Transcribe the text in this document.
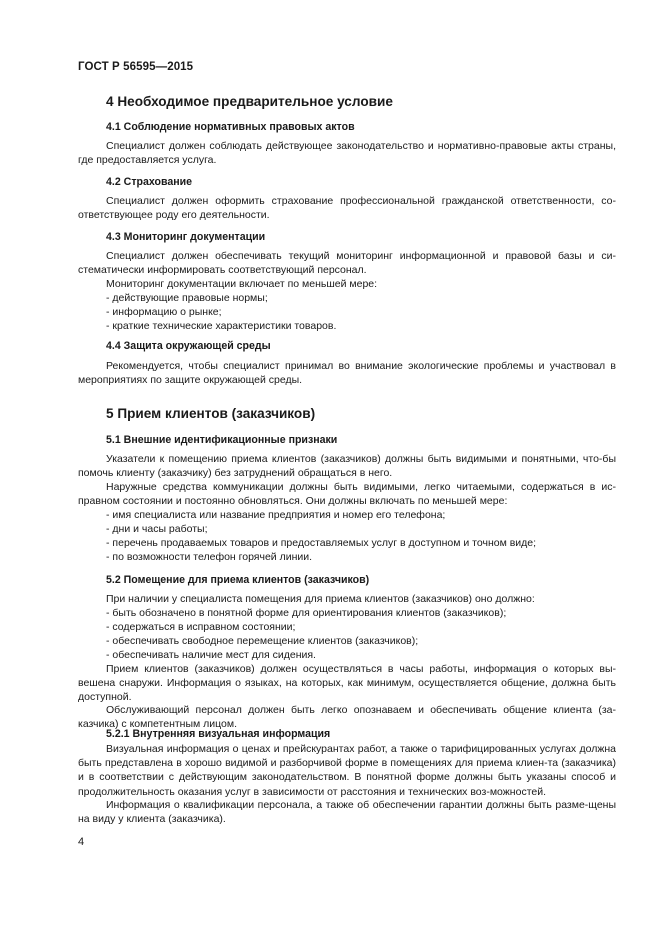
ГОСТ Р 56595—2015
4 Необходимое предварительное условие
4.1 Соблюдение нормативных правовых актов

Специалист должен соблюдать действующее законодательство и нормативно-правовые акты страны, где предоставляется услуга.

4.2 Страхование

Специалист должен оформить страхование профессиональной гражданской ответственности, со-ответствующее роду его деятельности.

4.3 Мониторинг документации

Специалист должен обеспечивать текущий мониторинг информационной и правовой базы и си-стематически информировать соответствующий персонал.

Мониторинг документации включает по меньшей мере:

- действующие правовые нормы;
- информацию о рынке;
- краткие технические характеристики товаров.
4.4 Защита окружающей среды

Рекомендуется, чтобы специалист принимал во внимание экологические проблемы и участвовал в мероприятиях по защите окружающей среды.

5 Прием клиентов (заказчиков)
5.1 Внешние идентификационные признаки

Указатели к помещению приема клиентов (заказчиков) должны быть видимыми и понятными, что-бы помочь клиенту (заказчику) без затруднений обращаться в него.

Наружные средства коммуникации должны быть видимыми, легко читаемыми, содержаться в ис-правном состоянии и постоянно обновляться. Они должны включать по меньшей мере:

- имя специалиста или название предприятия и номер его телефона;
- дни и часы работы;
- перечень продаваемых товаров и предоставляемых услуг в доступном и точном виде;
- по возможности телефон горячей линии.
5.2 Помещение для приема клиентов (заказчиков)

При наличии у специалиста помещения для приема клиентов (заказчиков) оно должно:

- быть обозначено в понятной форме для ориентирования клиентов (заказчиков);
- содержаться в исправном состоянии;
- обеспечивать свободное перемещение клиентов (заказчиков);
- обеспечивать наличие мест для сидения.

Прием клиентов (заказчиков) должен осуществляться в часы работы, информация о которых вы-вешена снаружи. Информация о языках, на которых, как минимум, осуществляется общение, должна быть доступной.

Обслуживающий персонал должен быть легко опознаваем и обеспечивать общение клиента (за-казчика) с компетентным лицом.

5.2.1 Внутренняя визуальная информация

Визуальная информация о ценах и прейскурантах работ, а также о тарифицированных услугах должна быть представлена в хорошо видимой и разборчивой форме в помещениях для приема клиен-та (заказчика) и в соответствии с действующим законодательством. В понятной форме должны быть указаны способ и продолжительность оказания услуг в зависимости от расстояния и технических воз-можностей.

Информация о квалификации персонала, а также об обеспечении гарантии должны быть разме-щены на виду у клиента (заказчика).

4
